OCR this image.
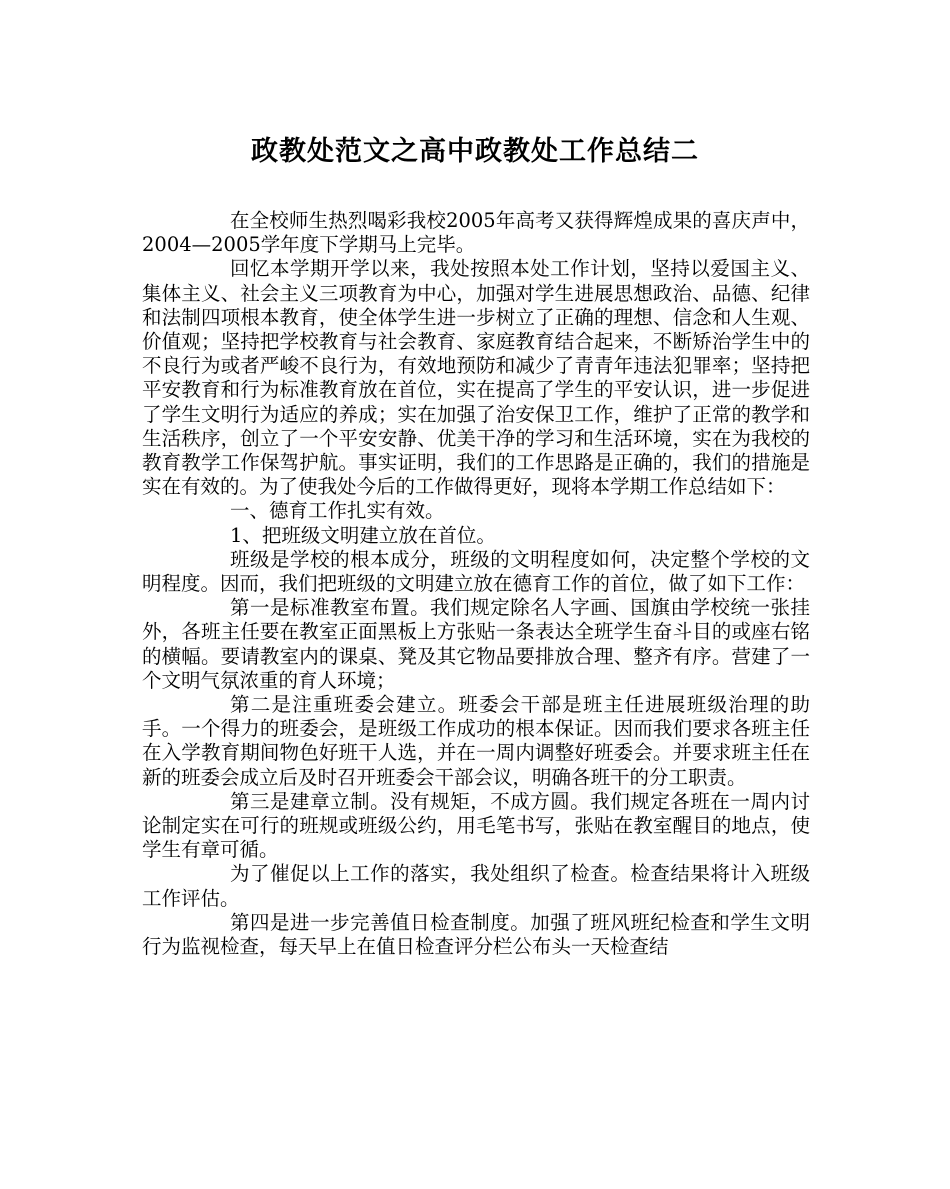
政教处范文之高中政教处工作总结二

在全校师生热烈喝彩我校2005年高考又获得辉煌成果的喜庆声中，2004—2005学年度下学期马上完毕。

回忆本学期开学以来，我处按照本处工作计划，坚持以爱国主义、集体主义、社会主义三项教育为中心，加强对学生进展思想政治、品德、纪律和法制四项根本教育，使全体学生进一步树立了正确的理想、信念和人生观、价值观；坚持把学校教育与社会教育、家庭教育结合起来，不断矫治学生中的不良行为或者严峻不良行为，有效地预防和减少了青青年违法犯罪率；坚持把平安教育和行为标准教育放在首位，实在提高了学生的平安认识，进一步促进了学生文明行为适应的养成；实在加强了治安保卫工作，维护了正常的教学和生活秩序，创立了一个平安安静、优美干净的学习和生活环境，实在为我校的教育教学工作保驾护航。事实证明，我们的工作思路是正确的，我们的措施是实在有效的。为了使我处今后的工作做得更好，现将本学期工作总结如下：

一、德育工作扎实有效。

1、把班级文明建立放在首位。

班级是学校的根本成分，班级的文明程度如何，决定整个学校的文明程度。因而，我们把班级的文明建立放在德育工作的首位，做了如下工作：

第一是标准教室布置。我们规定除名人字画、国旗由学校统一张挂外，各班主任要在教室正面黑板上方张贴一条表达全班学生奋斗目的或座右铭的横幅。要请教室内的课桌、凳及其它物品要排放合理、整齐有序。营建了一个文明气氛浓重的育人环境；

第二是注重班委会建立。班委会干部是班主任进展班级治理的助手。一个得力的班委会，是班级工作成功的根本保证。因而我们要求各班主任在入学教育期间物色好班干人选，并在一周内调整好班委会。并要求班主任在新的班委会成立后及时召开班委会干部会议，明确各班干的分工职责。

第三是建章立制。没有规矩，不成方圆。我们规定各班在一周内讨论制定实在可行的班规或班级公约，用毛笔书写，张贴在教室醒目的地点，使学生有章可循。

为了催促以上工作的落实，我处组织了检查。检查结果将计入班级工作评估。

第四是进一步完善值日检查制度。加强了班风班纪检查和学生文明行为监视检查，每天早上在值日检查评分栏公布头一天检查结
